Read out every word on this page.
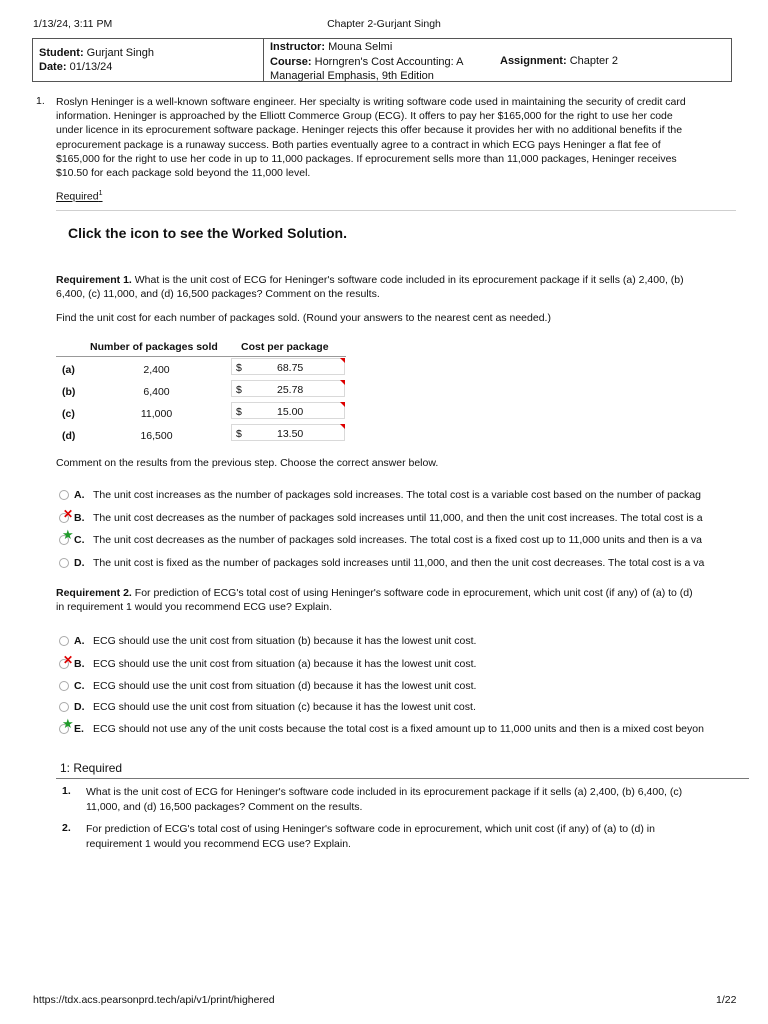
1/13/24, 3:11 PM	Chapter 2-Gurjant Singh
Student: Gurjant Singh
Date: 01/13/24
Instructor: Mouna Selmi
Course: Horngren's Cost Accounting: A
Managerial Emphasis, 9th Edition
Assignment: Chapter 2
1. Roslyn Heninger is a well-known software engineer. Her specialty is writing software code used in maintaining the security of credit card
information. Heninger is approached by the Elliott Commerce Group (ECG). It offers to pay her $165,000 for the right to use her code
under licence in its eprocurement software package. Heninger rejects this offer because it provides her with no additional benefits if the
eprocurement package is a runaway success. Both parties eventually agree to a contract in which ECG pays Heninger a flat fee of
$165,000 for the right to use her code in up to 11,000 packages. If eprocurement sells more than 11,000 packages, Heninger receives
$10.50 for each package sold beyond the 11,000 level.
Required$^1$
Click the icon to see the Worked Solution.
Requirement 1. What is the unit cost of ECG for Heninger's software code included in its eprocurement package if it sells (a) 2,400, (b)
6,400, (c) 11,000, and (d) 16,500 packages? Comment on the results.
Find the unit cost for each number of packages sold. (Round your answers to the nearest cent as needed.)
Number of packages sold Cost per package
(a)	2,400	$	68.75
(b)	6,400	$	25.78
(c)	11,000	$	15.00
(d)	16,500	$	13.50
Comment on the results from the previous step. Choose the correct answer below.
A. The unit cost increases as the number of packages sold increases. The total cost is a variable cost based on the number of packag
✕ B. The unit cost decreases as the number of packages sold increases until 11,000, and then the unit cost increases. The total cost is a
★ C. The unit cost decreases as the number of packages sold increases. The total cost is a fixed cost up to 11,000 units and then is a va
D. The unit cost is fixed as the number of packages sold increases until 11,000, and then the unit cost decreases. The total cost is a va
Requirement 2. For prediction of ECG's total cost of using Heninger's software code in eprocurement, which unit cost (if any) of (a) to (d)
in requirement 1 would you recommend ECG use? Explain.
A. ECG should use the unit cost from situation (b) because it has the lowest unit cost.
✕ B. ECG should use the unit cost from situation (a) because it has the lowest unit cost.
C. ECG should use the unit cost from situation (d) because it has the lowest unit cost.
D. ECG should use the unit cost from situation (c) because it has the lowest unit cost.
★ E. ECG should not use any of the unit costs because the total cost is a fixed amount up to 11,000 units and then is a mixed cost beyon
1: Required
1. What is the unit cost of ECG for Heninger's software code included in its eprocurement package if it sells (a) 2,400, (b) 6,400, (c)
11,000, and (d) 16,500 packages? Comment on the results.
2. For prediction of ECG's total cost of using Heninger's software code in eprocurement, which unit cost (if any) of (a) to (d) in
requirement 1 would you recommend ECG use? Explain.
https://tdx.acs.pearsonprd.tech/api/v1/print/highered	1/22
